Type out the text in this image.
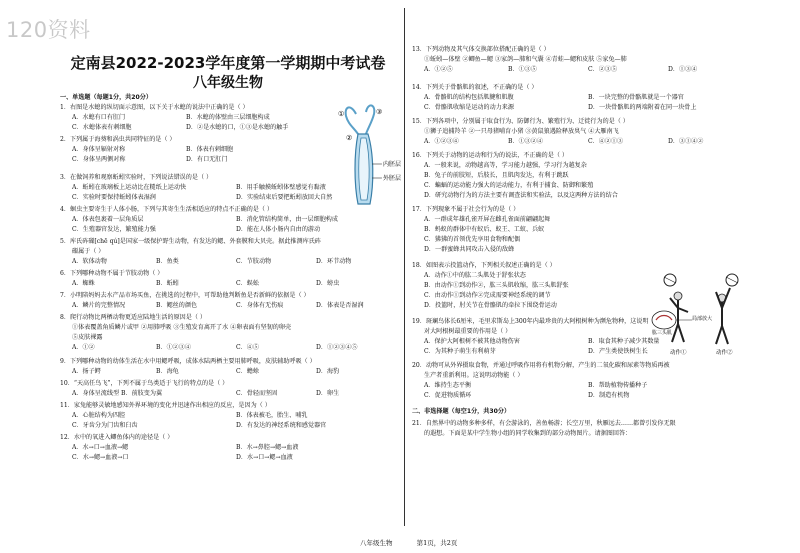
120资料
定南县2022-2023学年度第一学期期中考试卷
八年级生物
一、单选题（每题1分，共20分）
1．右图是水螅的纵切面示意图，以下关于水螅的说法中正确的是（ ）
A．水螅有口有肛门	B．水螅的体壁由三层细胞构成
C．水螅体表有刺细胞	D．②是水螅的口，①③是水螅的触手
内胚层
外胚层
①	③
②
2．下列属于海葵和涡虫共同特征的是（ ）
A．身体呈辐射对称	B．体表有刺细胞
C．身体呈两侧对称	D．有口无肛门
3．在做饲养和观察蚯蚓实验时，下列说法错误的是（ ）
A．蚯蚓在玻璃板上运动比在糙纸上运动快	B．用手触摸蚯蚓体壁感觉有黏液
C．实验时要保持蚯蚓体表湿润	D．实验结束后要把蚯蚓放回大自然
4．蛔虫主要寄生于人体小肠，下列与其寄生生活相适应的特点不正确的是（ ）
A．体表包裹着一层角质层	B．消化管结构简单，由一层细胞构成
C．生殖器官发达，繁殖能力强	D．能在人体小肠内自由的游动
5．库氏砗磲[chē qú]是国家一级保护野生动物，有发达的鳃、外套膜和大贝壳。据此推测库氏砗
磲属于（ ）
A．软体动物	B．鱼类	C．节肢动物	D．环节动物
6．下列哪种动物不属于节肢动物（ ）
A．蜘蛛	B．蚯蚓	C．蜈蚣	D．螃虫
7．小明陪妈妈去水产品市场买鱼，在挑选的过程中，可帮助他判断鱼是否新鲜的依据是（ ）
A．鳞片的完整情况	B．鳃丝的颜色	C．身体有无伤痕	D．体表是否湿润
8．爬行动物比两栖动物更适应陆地生活的原因是（ ）
①体表覆盖角质鳞片或甲 ②用肺呼吸 ③生殖发育离开了水 ④卵表面有坚韧的卵壳
⑤皮肤裸露
A．①②	B．①②③④	C．④⑤	D．①②③④⑤
9．下列哪种动物的幼体生活在水中用鳃呼吸，成体水陆两栖主要用肺呼吸，皮肤辅助呼吸（ ）
A．扬子鳄	B．海龟	C．蟾蜍	D．海豹
10．“天高任鸟飞”，下列不属于鸟类适于飞行的特点的是（ ）
A．身体呈流线型 B．前肢变为翼	C．骨轻而坚固	D．卵生
11．家兔能够灵敏地感知外界环境的变化并迅速作出相应的反应，是因为（ ）
A．心脏结构为四腔	B．体表被毛，胎生、哺乳
C．牙齿分为门齿和臼齿	D．有发达的神经系统和感觉器官
12．水中的氧进入鲫鱼体内的途径是（ ）
A．水→口→血液→鳃	B．水→鼻腔→鳃→血液
C．水→鳃→血液→口	D．水→口→鳃→血液
13．下列动物及其气体交换部位搭配正确的是（ ）
①蚯蚓—体壁 ②鲫鱼—鳃 ③家鸽—肺和气囊 ④青蛙—鳃和皮肤 ⑤家兔—肺
A．①②⑤	B．①③⑤	C．②③⑤	D．①③④
14．下列关于骨骼肌的叙述，不正确的是（ ）
A．骨骼肌的结构包括肌腱和肌腹	B．一块完整的骨骼肌就是一个器官
C．骨骼肌收缩是运动的动力来源	D．一块骨骼肌的两端附着在同一块骨上
15．下列各项中，分别属于取食行为、防御行为、繁殖行为、迁徙行为的是（ ）
①狮子追捕羚羊 ②一只母猪哺育小猪 ③黄鼠狼遇险释放臭气 ④大雁南飞
A．①②③④	B．①③②④	C．④②①③	D．③①④②
16．下列关于动物的运动和行为的说法，不正确的是（ ）
A．一般来说，动物越高等，学习能力越强，学习行为越复杂
B．兔子的前肢短，后肢长，且肌肉发达，有利于跳跃
C．蝙蝠的运动能力强大的运动能力，有利于捕食、防御和繁殖
D．研究动物行为的方法主要有调查法和实验法，以及这两种方法的结合
17．下列现象不属于社会行为的是（ ）
A．一群成年雄孔雀开屏在雌孔雀面前翩翩起舞
B．蚂蚁的群体中有蚁后、蚁王、工蚁、兵蚁
C．狒狒的首领优先享用食物和配偶
D．一群蜜蜂共同攻击入侵的敌蜂
18．如图表示投篮动作，下列相关叙述正确的是（ ）
A．动作①中的肱二头肌处于舒张状态
B．由动作①到动作②，肱三头肌收缩，肱三头肌舒张
C．由动作①到动作②完成需要神经系统的调节
D．投篮时，肘关节在骨骼肌的牵拉下围绕骨运动
肱三头肌
局部放大
动作①	动作②
19．斑斓鸟体长6厘米，毛里求斯岛上300年内最珍贵的大阿根树种为濒危物种，这说明
对大阿根树最重要的作用是（ ）
A．保护大阿根树不被其他动物伤害	B．取食其种子减少其数量
C．为其种子萌生有利萌芽	D．产生类使铁树生长
20．动物可从外界摄取食物，并通过呼吸作用将有机物分解，产生的二氧化碳和尿素等物质再被
生产者重新利用。这说明动物能（ ）
A．维持生态平衡	B．帮助植物传播种子
C．促进物质循环	D．制造有机物
二、非选择题（每空1分，共30分）
21．自然界中的动物多种多样，有会游泳的，善鱼畅游；长空万里，秋雁远去……都曾引发你无限
的遐想。下面是某中学生物小组的同学收集到的部分动物图片。请据图回答：
八年级生物	第1页，共2页
